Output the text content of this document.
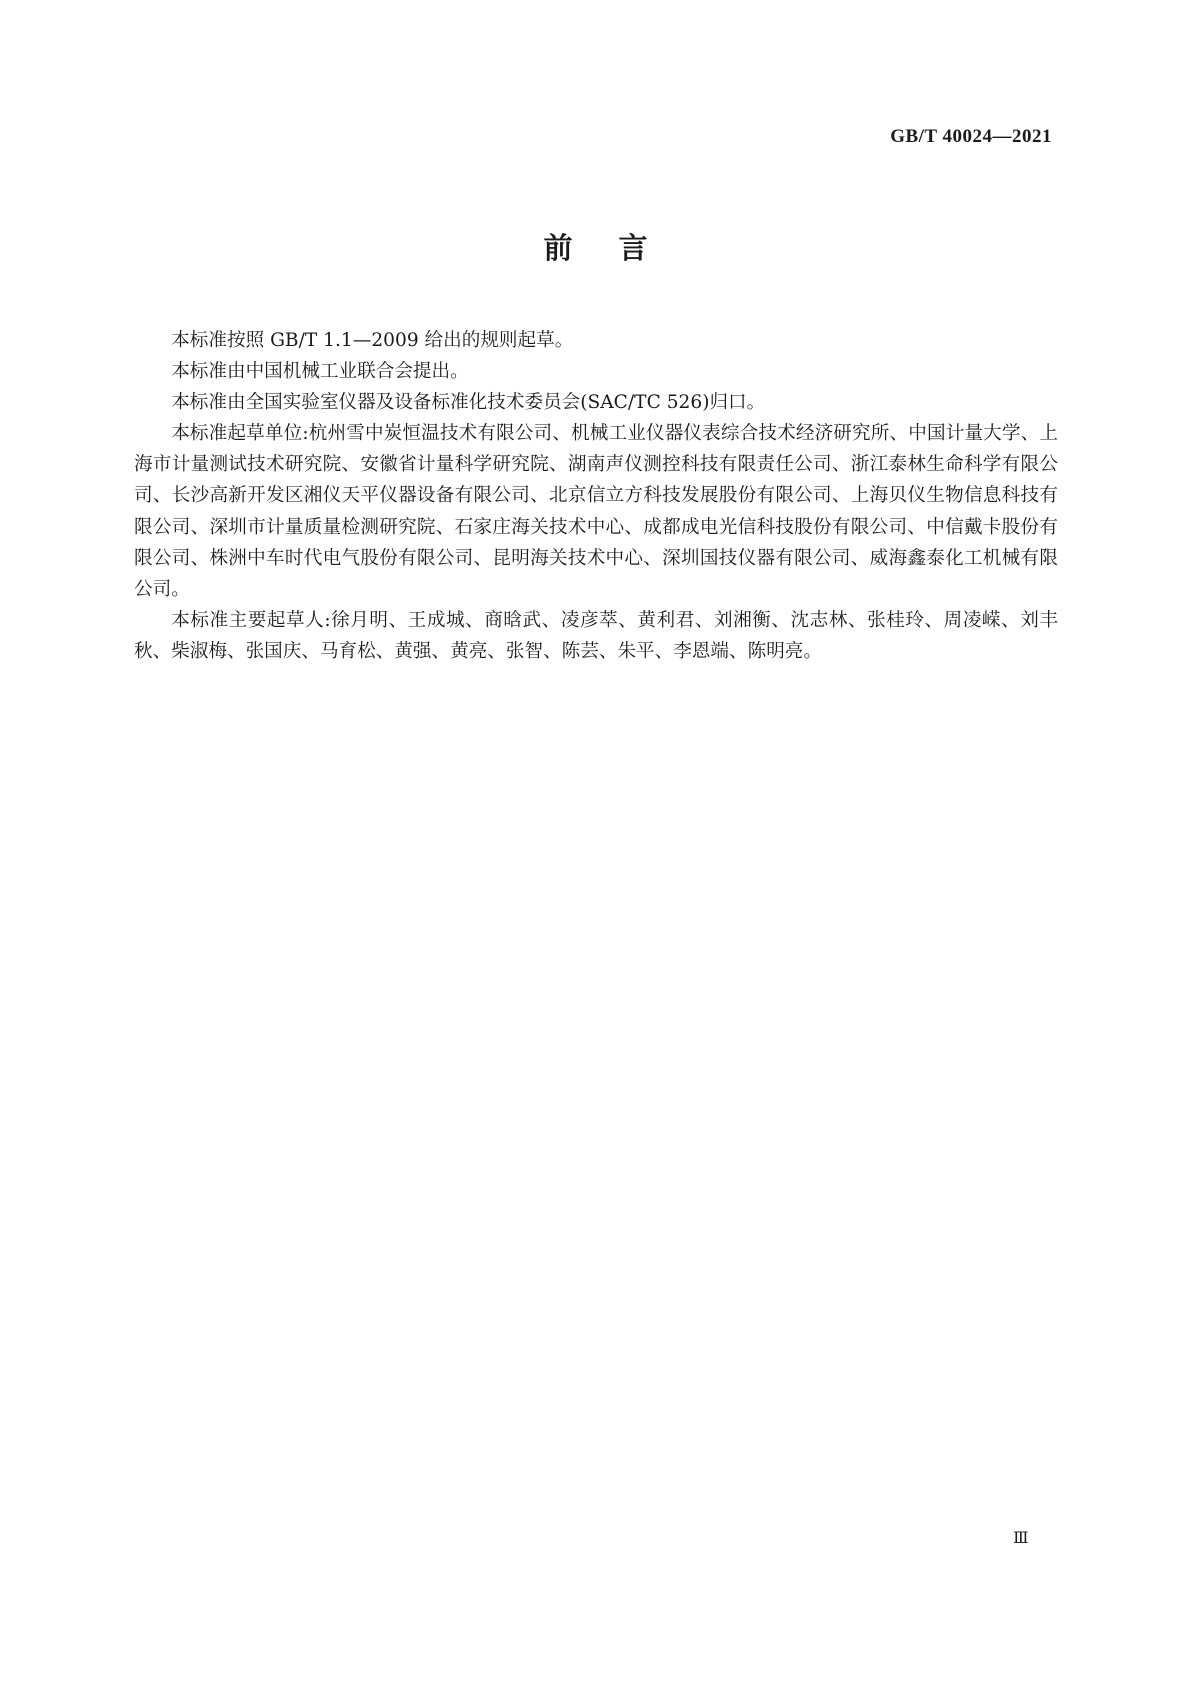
GB/T 40024—2021
前言

本标准按照 GB/T 1.1—2009 给出的规则起草。

本标准由中国机械工业联合会提出。

本标准由全国实验室仪器及设备标准化技术委员会(SAC/TC 526)归口。

本标准起草单位:杭州雪中炭恒温技术有限公司、机械工业仪器仪表综合技术经济研究所、中国计量大学、上海市计量测试技术研究院、安徽省计量科学研究院、湖南声仪测控科技有限责任公司、浙江泰林生命科学有限公司、长沙高新开发区湘仪天平仪器设备有限公司、北京信立方科技发展股份有限公司、上海贝仪生物信息科技有限公司、深圳市计量质量检测研究院、石家庄海关技术中心、成都成电光信科技股份有限公司、中信戴卡股份有限公司、株洲中车时代电气股份有限公司、昆明海关技术中心、深圳国技仪器有限公司、威海鑫泰化工机械有限公司。

本标准主要起草人:徐月明、王成城、商晗武、凌彦萃、黄利君、刘湘衡、沈志林、张桂玲、周凌嵘、刘丰秋、柴淑梅、张国庆、马育松、黄强、黄亮、张智、陈芸、朱平、李恩端、陈明亮。

Ⅲ
